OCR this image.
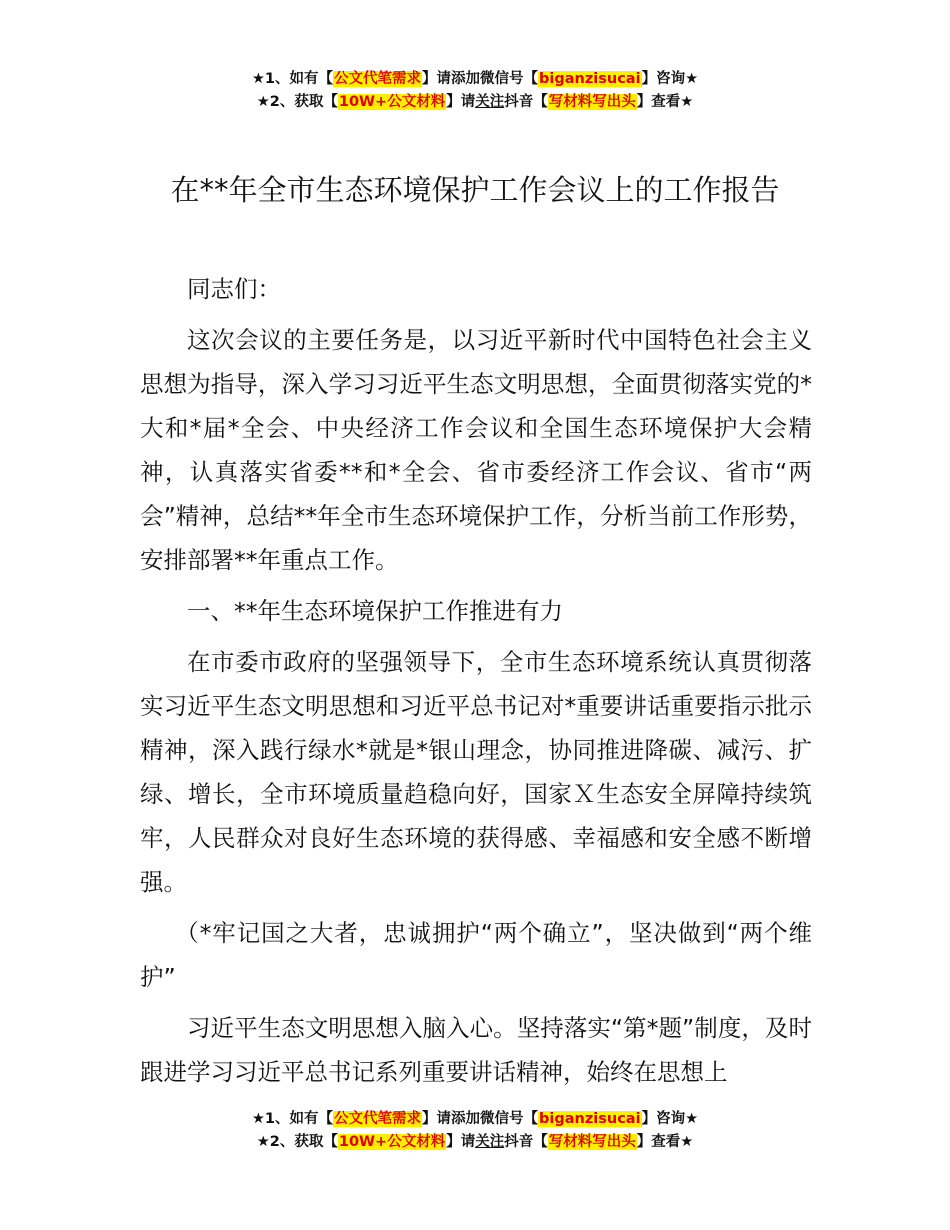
★1、如有【公文代笔需求】请添加微信号【biganzisucai】咨询★
★2、获取【10W+公文材料】请关注抖音【写材料写出头】查看★
在**年全市生态环境保护工作会议上的工作报告

同志们：

这次会议的主要任务是，以习近平新时代中国特色社会主义思想为指导，深入学习习近平生态文明思想，全面贯彻落实党的*大和*届*全会、中央经济工作会议和全国生态环境保护大会精神，认真落实省委**和*全会、省市委经济工作会议、省市“两会”精神，总结**年全市生态环境保护工作，分析当前工作形势，安排部署**年重点工作。

一、**年生态环境保护工作推进有力

在市委市政府的坚强领导下，全市生态环境系统认真贯彻落实习近平生态文明思想和习近平总书记对*重要讲话重要指示批示精神，深入践行绿水*就是*银山理念，协同推进降碳、减污、扩绿、增长，全市环境质量趋稳向好，国家Ｘ生态安全屏障持续筑牢，人民群众对良好生态环境的获得感、幸福感和安全感不断增强。

（*牢记国之大者，忠诚拥护“两个确立”，坚决做到“两个维护”

习近平生态文明思想入脑入心。坚持落实“第*题”制度，及时跟进学习习近平总书记系列重要讲话精神，始终在思想上

★1、如有【公文代笔需求】请添加微信号【biganzisucai】咨询★
★2、获取【10W+公文材料】请关注抖音【写材料写出头】查看★
